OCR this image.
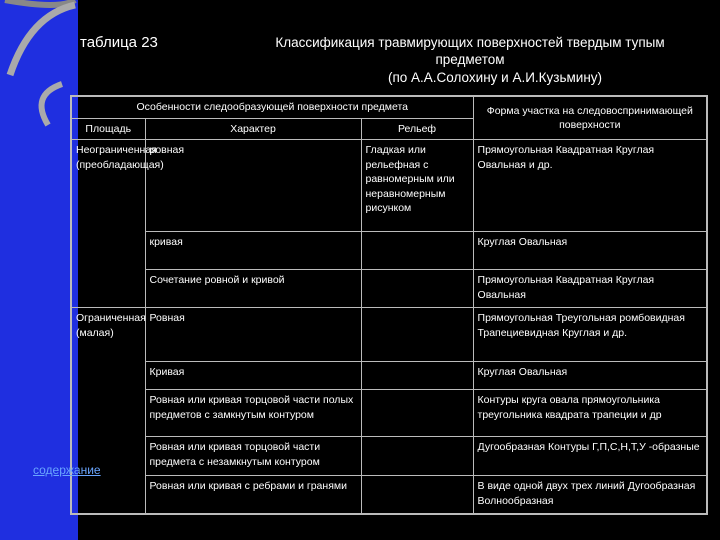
таблица 23	Классификация травмирующих поверхностей твердым тупым предметом
(по А.А.Солохину и А.И.Кузьмину)
Особенности следообразующей поверхности предмета			Форма участка на следовоспринимающей поверхности
Площадь	Характер	Рельеф	
Неограниченная (преобладающая)	ровная	Гладкая или рельефная с равномерным или неравномерным рисунком	Прямоугольная Квадратная Круглая Овальная и др.
	кривая		Круглая Овальная
	Сочетание ровной и кривой		Прямоугольная Квадратная Круглая Овальная
Ограниченная (малая)	Ровная		Прямоугольная Треугольная ромбовидная Трапециевидная Круглая и др.
	Кривая		Круглая Овальная
	Ровная или кривая торцовой части полых предметов с замкнутым контуром		Контуры круга овала прямоугольника треугольника квадрата трапеции и др
	Ровная или кривая торцовой части предмета с незамкнутым контуром		Дугообразная Контуры Г,П,С,Н,Т,У -образные
	Ровная или кривая с ребрами и гранями		В виде одной двух трех линий Дугообразная Волнообразная
содержание
